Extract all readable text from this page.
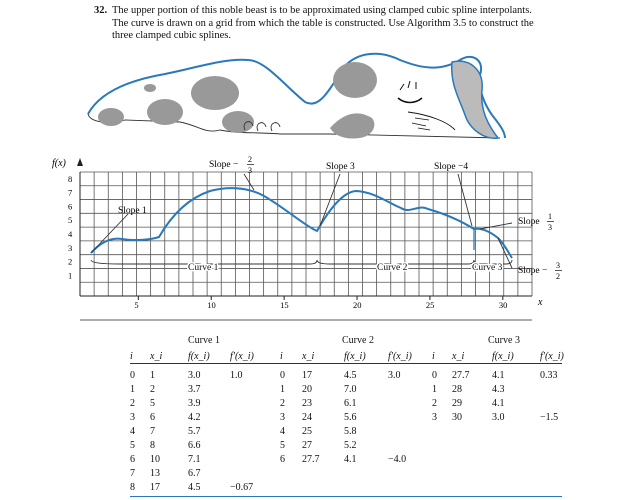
32. The upper portion of this noble beast is to be approximated using clamped cubic spline interpolants.
The curve is drawn on a grid from which the table is constructed. Use Algorithm 3.5 to construct the
three clamped cubic splines.
f(x)
x
8
7
6
5
4
3
2
1
5	10	15	20	25	30
Slope 1
Slope −
2
3	Slope 3	Slope −4
Slope
1
3
Slope −
3
2
Curve 1	Curve 2	Curve 3
Curve 1	Curve 2	Curve 3
i x_i	f(x_i) f′(x_i)
0 1	3.0	1.0
1 2	3.7
2 5	3.9
3 6	4.2
4 7	5.7
5 8	6.6
6 10	7.1
7 13	6.7
8 17	4.5	−0.67
i x_i	f(x_i) f′(x_i)
0 17	4.5	3.0
1 20	7.0
2 23	6.1
3 24	5.6
4 25	5.8
5 27	5.2
6 27.7 4.1	−4.0
i x_i	f(x_i)	f′(x_i)
0 27.7 4.1	0.33
1 28	4.3
2 29	4.1
3 30	3.0	−1.5
